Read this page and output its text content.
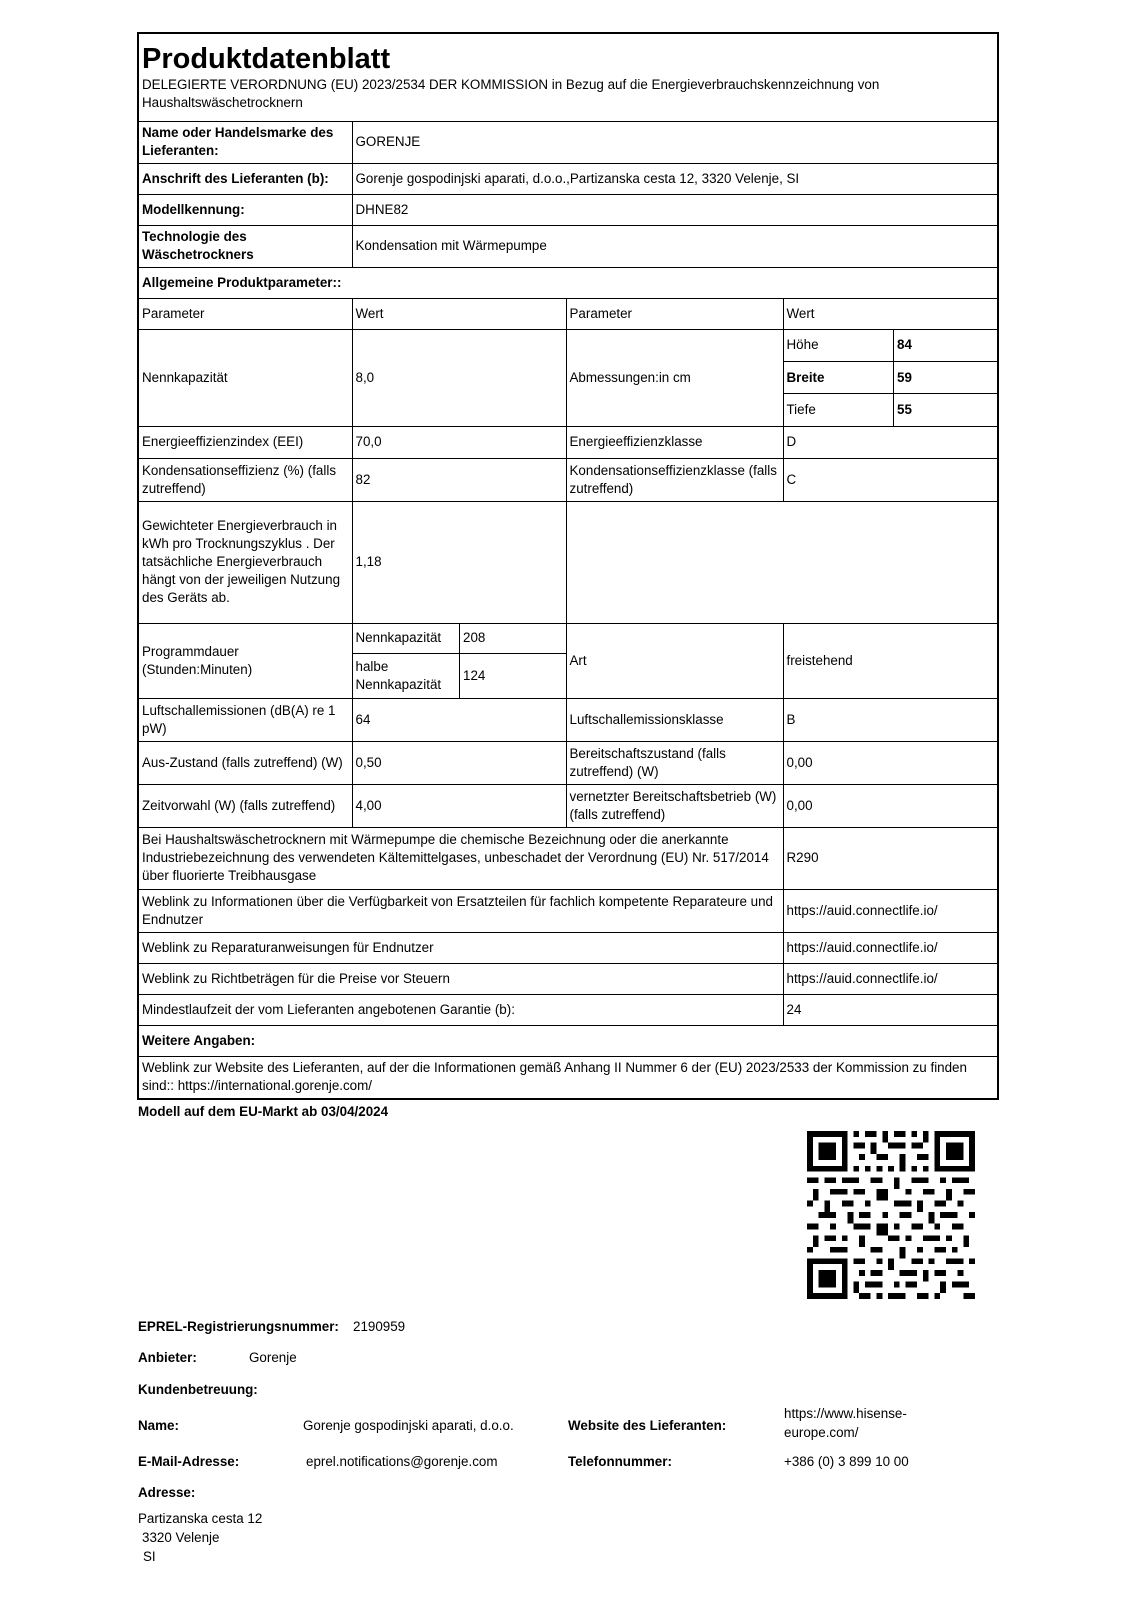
Produktdatenblatt
DELEGIERTE VERORDNUNG (EU) 2023/2534 DER KOMMISSION in Bezug auf die Energieverbrauchskennzeichnung von Haushaltswäschetrocknern

Name oder Handelsmarke des Lieferanten:	GORENJE
Anschrift des Lieferanten (b):	Gorenje gospodinjski aparati, d.o.o.,Partizanska cesta 12, 3320 Velenje, SI
Modellkennung:	DHNE82
Technologie des Wäschetrockners	Kondensation mit Wärmepumpe
Allgemeine Produktparameter::
Parameter	Wert	Parameter	Wert
Nennkapazität	8,0	Abmessungen:in cm	
Höhe	84
Breite	59
Tiefe	55

Energieeffizienzindex (EEI)	70,0	Energieeffizienzklasse	D
Kondensationseffizienz (%) (falls zutreffend)	82	Kondensationseffizienzklasse (falls zutreffend)	C
Gewichteter Energieverbrauch in kWh pro Trocknungszyklus . Der tatsächliche Energieverbrauch hängt von der jeweiligen Nutzung des Geräts ab.	1,18	
Programmdauer (Stunden:Minuten)	
Nennkapazität	208
halbe Nennkapazität	124
	Art	freistehend
Luftschallemissionen (dB(A) re 1 pW)	64	Luftschallemissionsklasse	B
Aus-Zustand (falls zutreffend) (W)	0,50	Bereitschaftszustand (falls zutreffend) (W)	0,00
Zeitvorwahl (W) (falls zutreffend)	4,00	vernetzter Bereitschaftsbetrieb (W) (falls zutreffend)	0,00
Bei Haushaltswäschetrocknern mit Wärmepumpe die chemische Bezeichnung oder die anerkannte Industriebezeichnung des verwendeten Kältemittelgases, unbeschadet der Verordnung (EU) Nr. 517/2014 über fluorierte Treibhausgase	R290
Weblink zu Informationen über die Verfügbarkeit von Ersatzteilen für fachlich kompetente Reparateure und Endnutzer	https://auid.connectlife.io/
Weblink zu Reparaturanweisungen für Endnutzer	https://auid.connectlife.io/
Weblink zu Richtbeträgen für die Preise vor Steuern	https://auid.connectlife.io/
Mindestlaufzeit der vom Lieferanten angebotenen Garantie (b):	24
Weitere Angaben:
Weblink zur Website des Lieferanten, auf der die Informationen gemäß Anhang II Nummer 6 der (EU) 2023/2533 der Kommission zu finden sind:: https://international.gorenje.com/
Modell auf dem EU-Markt ab 03/04/2024
EPREL-Registrierungsnummer: 2190959
Anbieter:	Gorenje
Kundenbetreuung:
Name:	Gorenje gospodinjski aparati, d.o.o.	Website des Lieferanten:
https://www.hisense-
europe.com/
E-Mail-Adresse:	eprel.notifications@gorenje.com	Telefonnummer:	+386 (0) 3 899 10 00
Adresse:
Partizanska cesta 12
3320 Velenje
SI
